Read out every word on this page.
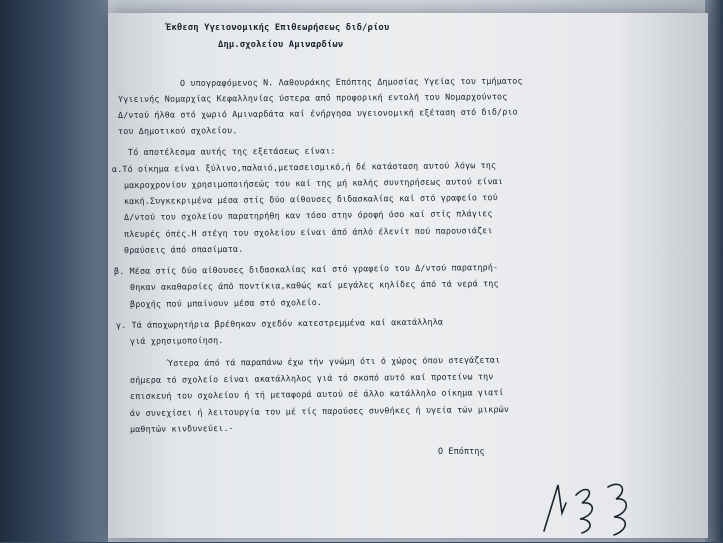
Έκθεση Υγειονομικής Επιθεωρήσεως διδ/ρίου
Δημ.σχολείου Αμιναρδίων
Ο υπογραφόμενος Ν. Λαθουράκης Επόπτης Δημοσίας Υγείας του τμήματος
Υγιεινής Νομαρχίας Κεφαλληνίας ύστερα από προφορική εντολή του Νομαρχούντος
Δ/ντού ήλθα στό χωριό Αμιναρδάτα καί ένήργησα υγειονομική εξέταση στό διδ/ριο
του Δημοτικού σχολείου.
Τό αποτέλεσμα αυτής της εξετάσεως είναι:
α.Τό οίκημα είναι ξύλινο,παλαιό,μετασεισμικό,ή δέ κατάσταση αυτού λόγω της
μακροχρονίου χρησιμοποιήσεώς του καί της μή καλής συντηρήσεως αυτού είναι
κακή.Συγκεκριμένα μέσα στίς δύο αίθουσες διδασκαλίας καί στό γραφείο τού
Δ/ντού του σχολείου παρατηρήθη καν τόσο στην όροφή όσο καί στίς πλάγιες
πλευρές όπές.Η στέγη του σχολείου είναι άπό άπλό έλενίτ πού παρουσιάζει
θραύσεις άπό σπασίματα.
β. Μέσα στίς δύο αίθουσες διδασκαλίας καί στό γραφείο του Δ/ντού παρατηρή-
θηκαν ακαθαρσίες άπό ποντίκια,καθώς καί μεγάλες κηλίδες άπό τά νερά της
βροχής πού μπαίνουν μέσα στό σχολείο.
γ. Τά άποχωρητήρια βρέθηκαν σχεδόν κατεστρεμμένα καί ακατάλληλα
γιά χρησιμοποίηση.
Ύστερα άπό τά παραπάνω έχω τήν γνώμη ότι ό χώρος όπου στεγάζεται
σήμερα τό σχολείο είναι ακατάλληλος γιά τό σκοπό αυτό καί προτείνω την
επισκευή του σχολείου ή τή μεταφορά αυτού σέ άλλο κατάλληλο οίκημα γιατί
άν συνεχίσει ή λειτουργία του μέ τίς παρούσες συνθήκες ή υγεία τών μικρών
μαθητών κινδυνεύει.-
Ο Επόπτης
